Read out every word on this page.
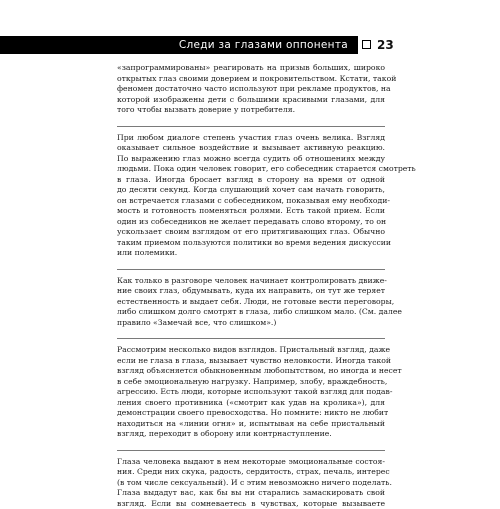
Следи за глазами оппонента 23
«запрограммированы» реагировать на призыв больших, широко
открытых глаз своими доверием и покровительством. Кстати, такой
феномен достаточно часто используют при рекламе продуктов, на
которой изображены дети с большими красивыми глазами, для
того чтобы вызвать доверие у потребителя.
При любом диалоге степень участия глаз очень велика. Взгляд
оказывает сильное воздействие и вызывает активную реакцию.
По выражению глаз можно всегда судить об отношениях между
людьми. Пока один человек говорит, его собеседник старается смотреть
в глаза. Иногда бросает взгляд в сторону на время от одной
до десяти секунд. Когда слушающий хочет сам начать говорить,
он встречается глазами с собеседником, показывая ему необходи-
мость и готовность поменяться ролями. Есть такой прием. Если
один из собеседников не желает передавать слово второму, то он
ускользает своим взглядом от его притягивающих глаз. Обычно
таким приемом пользуются политики во время ведения дискуссии
или полемики.
Как только в разговоре человек начинает контролировать движе-
ние своих глаз, обдумывать, куда их направить, он тут же теряет
естественность и выдает себя. Люди, не готовые вести переговоры,
либо слишком долго смотрят в глаза, либо слишком мало. (См. далее
правило «Замечай все, что слишком».)
Рассмотрим несколько видов взглядов. Пристальный взгляд, даже
если не глаза в глаза, вызывает чувство неловкости. Иногда такой
взгляд объясняется обыкновенным любопытством, но иногда и несет
в себе эмоциональную нагрузку. Например, злобу, враждебность,
агрессию. Есть люди, которые используют такой взгляд для подав-
ления своего противника («смотрит как удав на кролика»), для
демонстрации своего превосходства. Но помните: никто не любит
находиться на «линии огня» и, испытывая на себе пристальный
взгляд, переходит в оборону или контрнаступление.
Глаза человека выдают в нем некоторые эмоциональные состоя-
ния. Среди них скука, радость, сердитость, страх, печаль, интерес
(в том числе сексуальный). И с этим невозможно ничего поделать.
Глаза выдадут вас, как бы вы ни старались замаскировать свой
взгляд. Если вы сомневаетесь в чувствах, которые вызываете
